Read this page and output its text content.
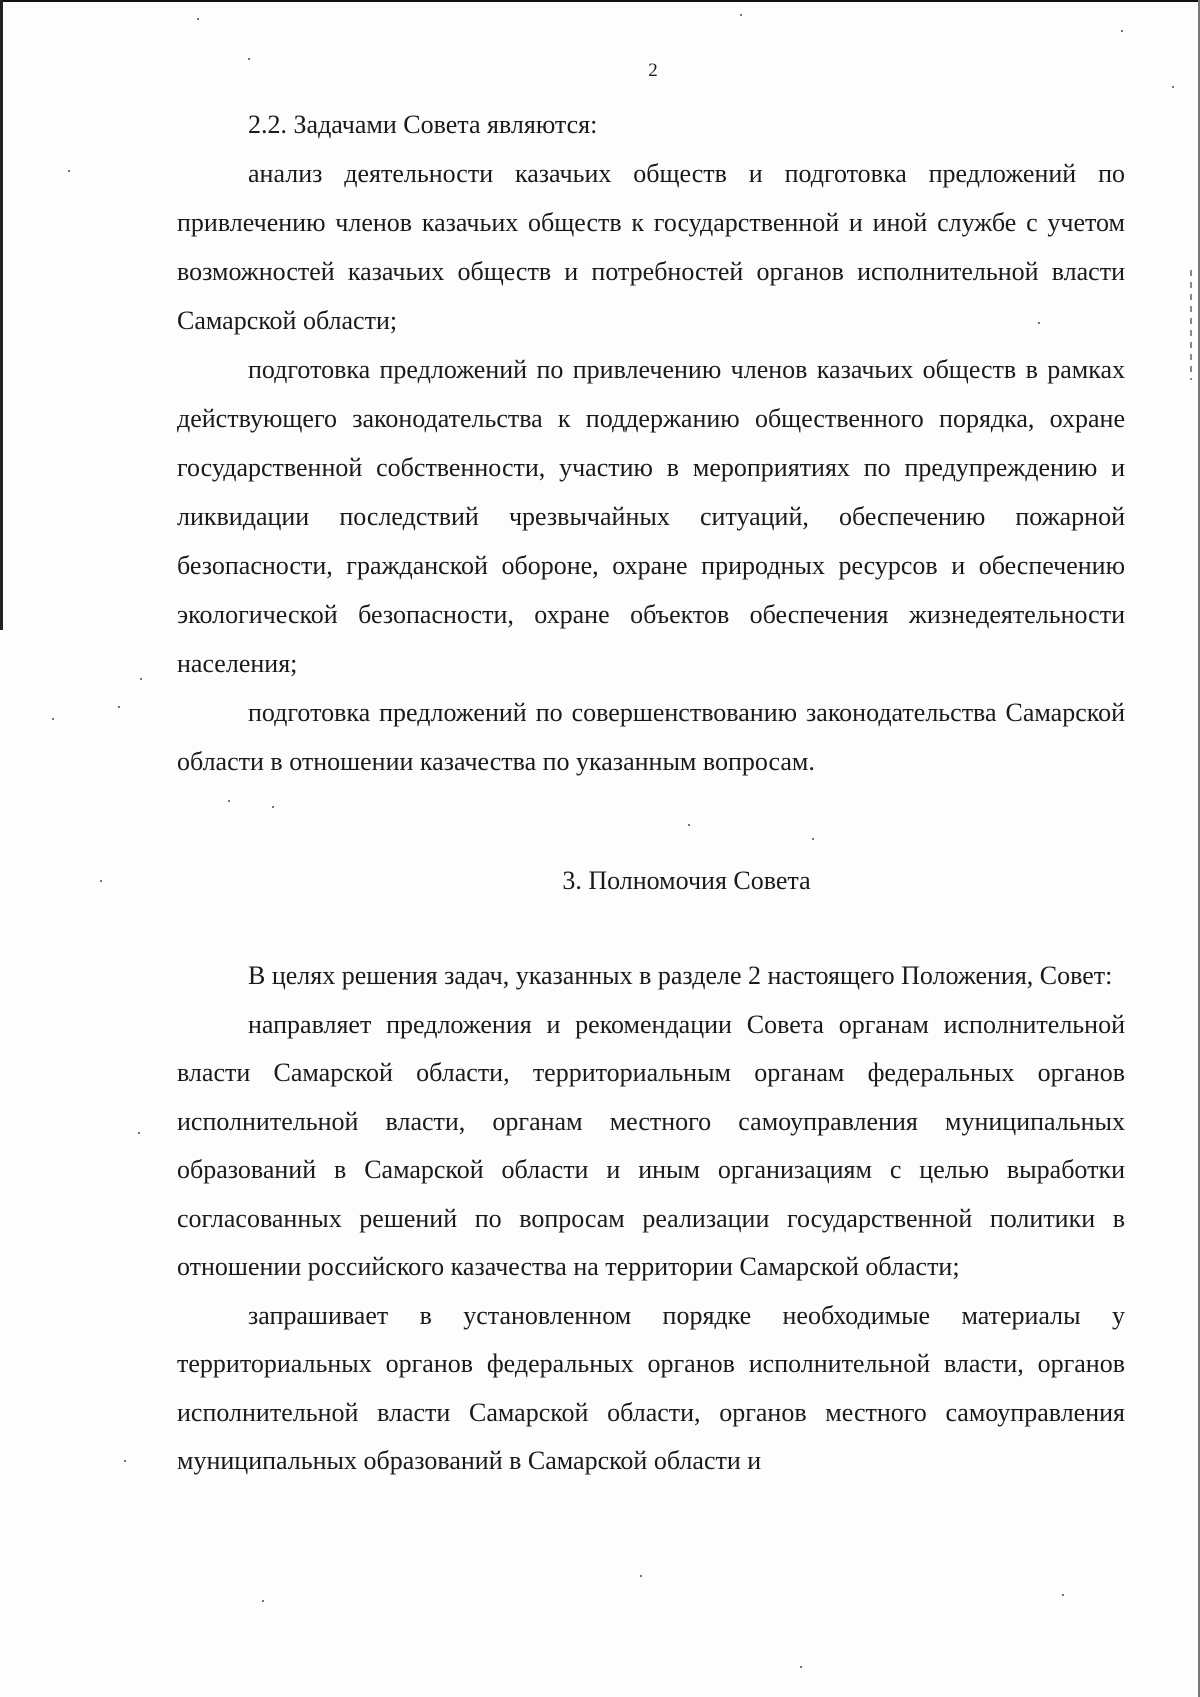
2

2.2. Задачами Совета являются:

анализ деятельности казачьих обществ и подготовка предложений по привлечению членов казачьих обществ к государственной и иной службе с учетом возможностей казачьих обществ и потребностей органов исполнительной власти Самарской области;

подготовка предложений по привлечению членов казачьих обществ в рамках действующего законодательства к поддержанию общественного порядка, охране государственной собственности, участию в мероприятиях по предупреждению и ликвидации последствий чрезвычайных ситуаций, обеспечению пожарной безопасности, гражданской обороне, охране природных ресурсов и обеспечению экологической безопасности, охране объектов обеспечения жизнедеятельности населения;

подготовка предложений по совершенствованию законодательства Самарской области в отношении казачества по указанным вопросам.

3. Полномочия Совета

В целях решения задач, указанных в разделе 2 настоящего Положения, Совет:

направляет предложения и рекомендации Совета органам исполнительной власти Самарской области, территориальным органам федеральных органов исполнительной власти, органам местного самоуправления муниципальных образований в Самарской области и иным организациям с целью выработки согласованных решений по вопросам реализации государственной политики в отношении российского казачества на территории Самарской области;

запрашивает в установленном порядке необходимые материалы у территориальных органов федеральных органов исполнительной власти, органов исполнительной власти Самарской области, органов местного самоуправления муниципальных образований в Самарской области и
